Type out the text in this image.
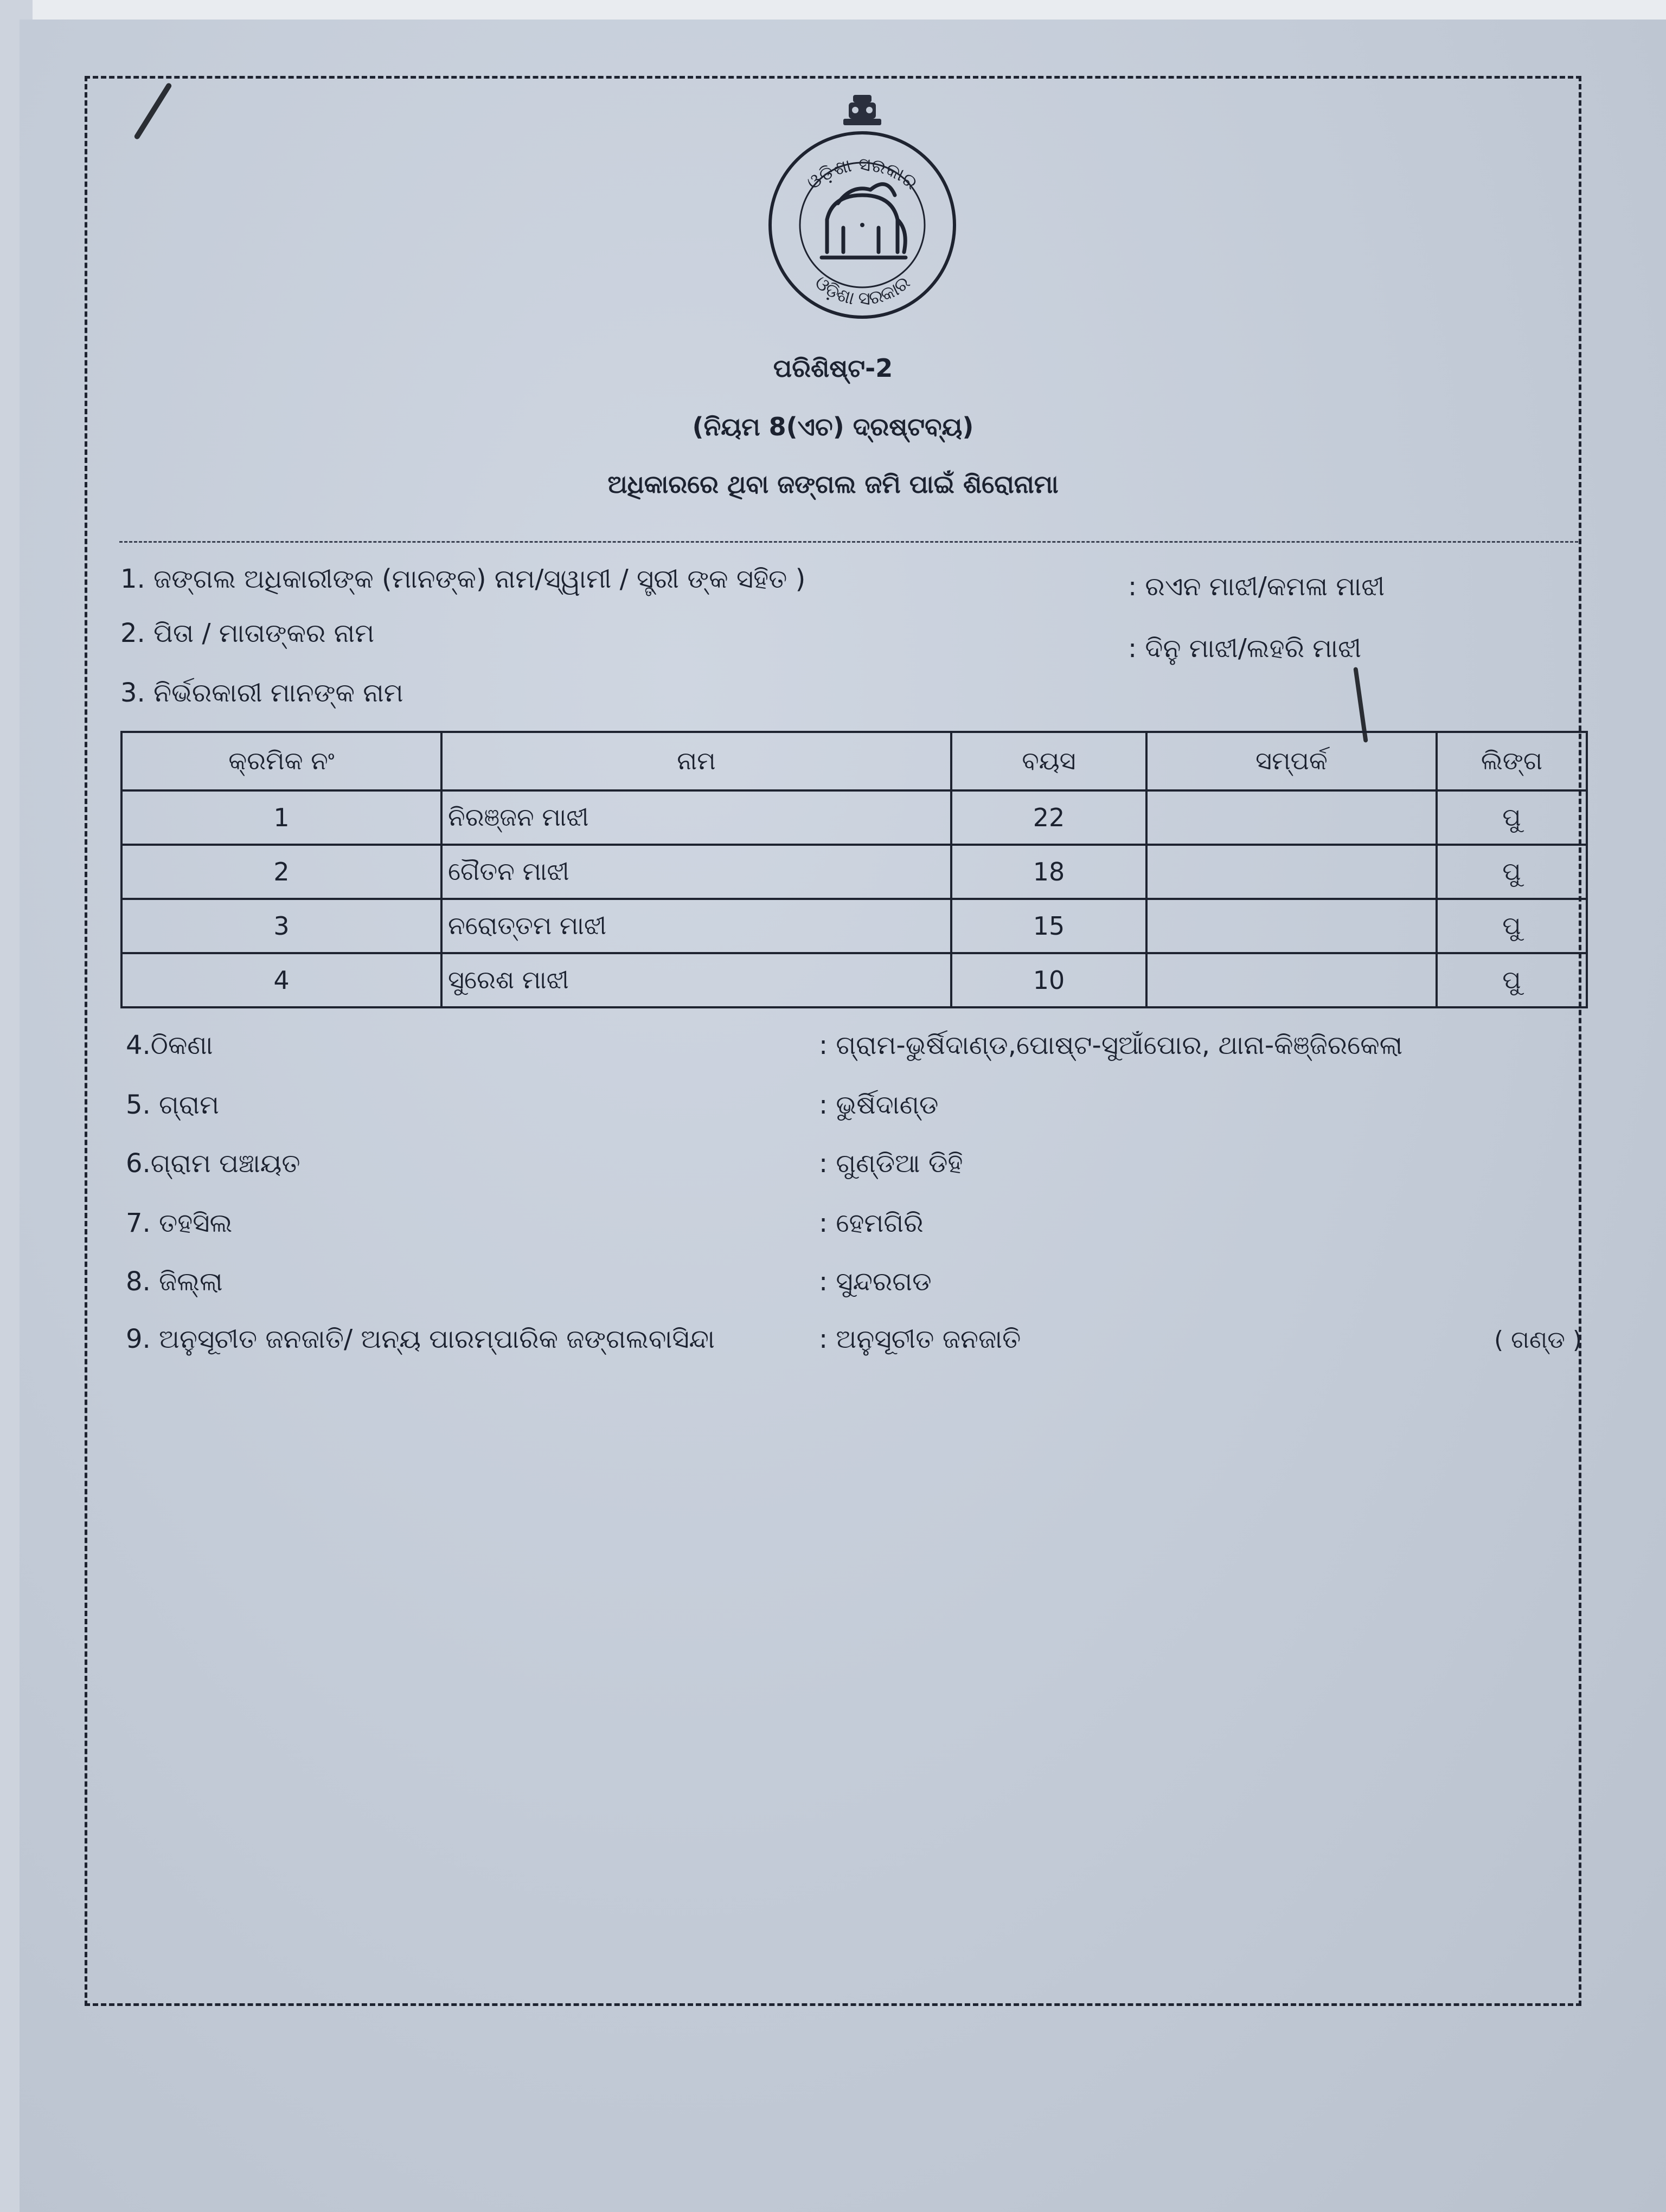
ଓଡ଼ିଶା ସରକାର
ଓଡ଼ିଶା ସରକାର
ପରିଶିଷ୍ଟ-2
(ନିୟମ 8(ଏଚ) ଦ୍ରଷ୍ଟବ୍ୟ)
ଅଧିକାରରେ ଥିବା ଜଙ୍ଗଲ ଜମି ପାଇଁ ଶିରୋନାମା
1. ଜଙ୍ଗଲ ଅଧିକାରୀଙ୍କ (ମାନଙ୍କ) ନାମ/ସ୍ୱାମୀ / ସ୍ତ୍ରୀ ଙ୍କ ସହିତ )	: ରଏନ ମାଝୀ/କମଳା ମାଝୀ
2. ପିତା / ମାତାଙ୍କର ନାମ	: ଦିନୁ ମାଝୀ/ଲହରି ମାଝୀ
3. ନିର୍ଭରକାରୀ ମାନଙ୍କ ନାମ
କ୍ରମିକ ନଂ	ନାମ	ବୟସ	ସମ୍ପର୍କ	ଲିଙ୍ଗ
1	ନିରଞ୍ଜନ ମାଝୀ	22		ପୁ
2	ଗୈତନ ମାଝୀ	18		ପୁ
3	ନରୋତ୍ତମ ମାଝୀ	15		ପୁ
4	ସୁରେଶ ମାଝୀ	10		ପୁ
4.ଠିକଣା	: ଗ୍ରାମ-ଭୁର୍ଷିଦାଣ୍ଡ,ପୋଷ୍ଟ-ସୁଆଁପୋର, ଥାନା-କିଞ୍ଜିରକେଲା
5. ଗ୍ରାମ	: ଭୁର୍ଷିଦାଣ୍ଡ
6.ଗ୍ରାମ ପଞ୍ଚାୟତ	: ଗୁଣ୍ଡିଆ ଡିହି
7. ତହସିଲ	: ହେମଗିରି
8. ଜିଲ୍ଲା	: ସୁନ୍ଦରଗଡ
9. ଅନୁସୂଚୀତ ଜନଜାତି/ ଅନ୍ୟ ପାରମ୍ପାରିକ ଜଙ୍ଗଲବାସିନ୍ଦା	: ଅନୁସୂଚୀତ ଜନଜାତି	( ଗଣ୍ଡ )
